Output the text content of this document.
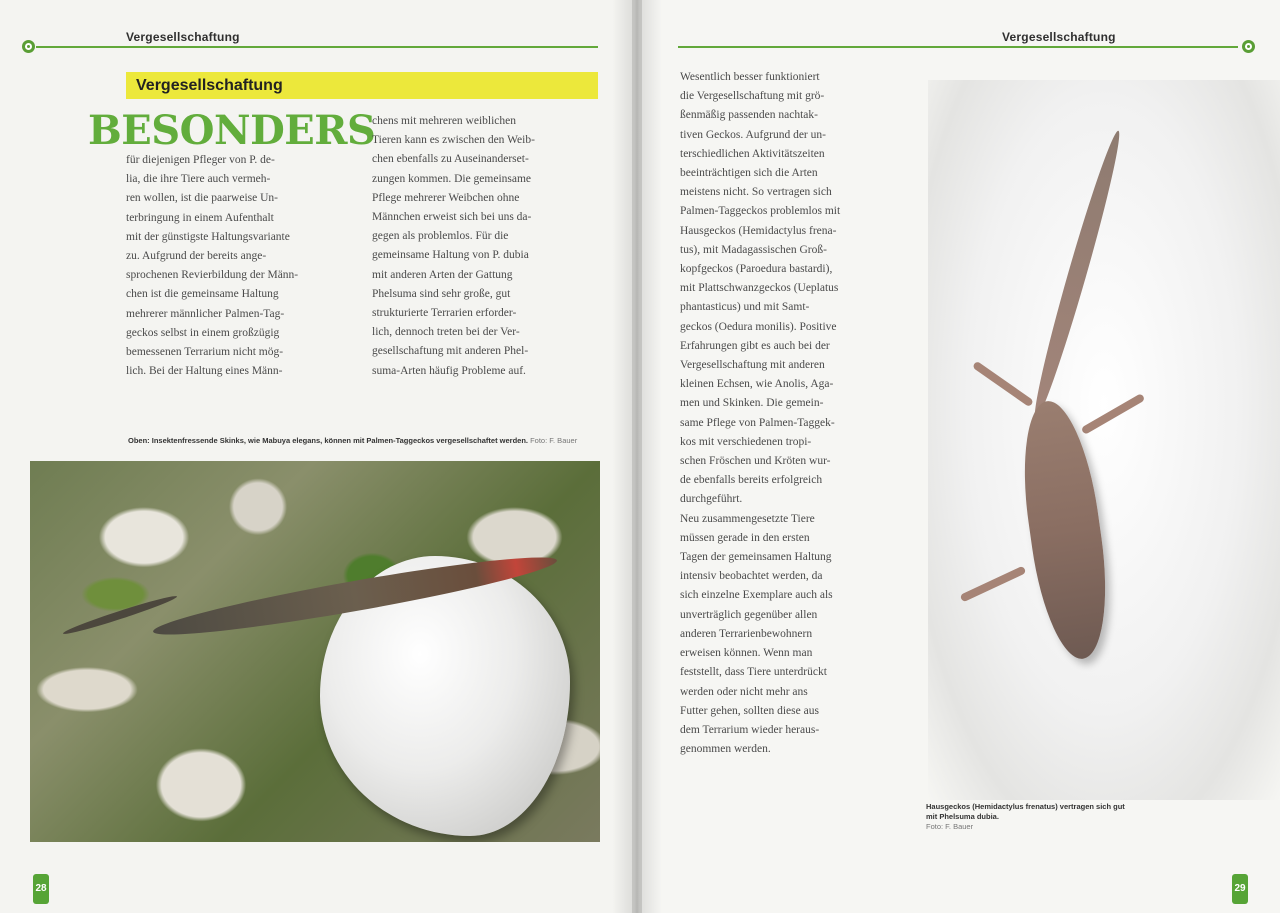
Vergesellschaftung
Vergesellschaftung
BESONDERS

für diejenigen Pfleger von P. de-

lia, die ihre Tiere auch vermeh-

ren wollen, ist die paarweise Un-

terbringung in einem Aufenthalt

mit der günstigste Haltungsvariante

zu. Aufgrund der bereits ange-

sprochenen Revierbildung der Männ-

chen ist die gemeinsame Haltung

mehrerer männlicher Palmen-Tag-

geckos selbst in einem großzügig

bemessenen Terrarium nicht mög-

lich. Bei der Haltung eines Männ-

chens mit mehreren weiblichen

Tieren kann es zwischen den Weib-

chen ebenfalls zu Auseinanderset-

zungen kommen. Die gemeinsame

Pflege mehrerer Weibchen ohne

Männchen erweist sich bei uns da-

gegen als problemlos. Für die

gemeinsame Haltung von P. dubia

mit anderen Arten der Gattung

Phelsuma sind sehr große, gut

strukturierte Terrarien erforder-

lich, dennoch treten bei der Ver-

gesellschaftung mit anderen Phel-

suma-Arten häufig Probleme auf.

Oben: Insektenfressende Skinks, wie Mabuya elegans, können mit Palmen-Taggeckos vergesellschaftet werden. Foto: F. Bauer
28
Vergesellschaftung
29

Wesentlich besser funktioniert

die Vergesellschaftung mit grö-

ßenmäßig passenden nachtak-

tiven Geckos. Aufgrund der un-

terschiedlichen Aktivitätszeiten

beeinträchtigen sich die Arten

meistens nicht. So vertragen sich

Palmen-Taggeckos problemlos mit

Hausgeckos (Hemidactylus frena-

tus), mit Madagassischen Groß-

kopfgeckos (Paroedura bastardi),

mit Plattschwanzgeckos (Ueplatus

phantasticus) und mit Samt-

geckos (Oedura monilis). Positive

Erfahrungen gibt es auch bei der

Vergesellschaftung mit anderen

kleinen Echsen, wie Anolis, Aga-

men und Skinken. Die gemein-

same Pflege von Palmen-Taggek-

kos mit verschiedenen tropi-

schen Fröschen und Kröten wur-

de ebenfalls bereits erfolgreich

durchgeführt.

Neu zusammengesetzte Tiere

müssen gerade in den ersten

Tagen der gemeinsamen Haltung

intensiv beobachtet werden, da

sich einzelne Exemplare auch als

unverträglich gegenüber allen

anderen Terrarienbewohnern

erweisen können. Wenn man

feststellt, dass Tiere unterdrückt

werden oder nicht mehr ans

Futter gehen, sollten diese aus

dem Terrarium wieder heraus-

genommen werden.

Hausgeckos (Hemidactylus frenatus) vertragen sich gut mit Phelsuma dubia.
Foto: F. Bauer
